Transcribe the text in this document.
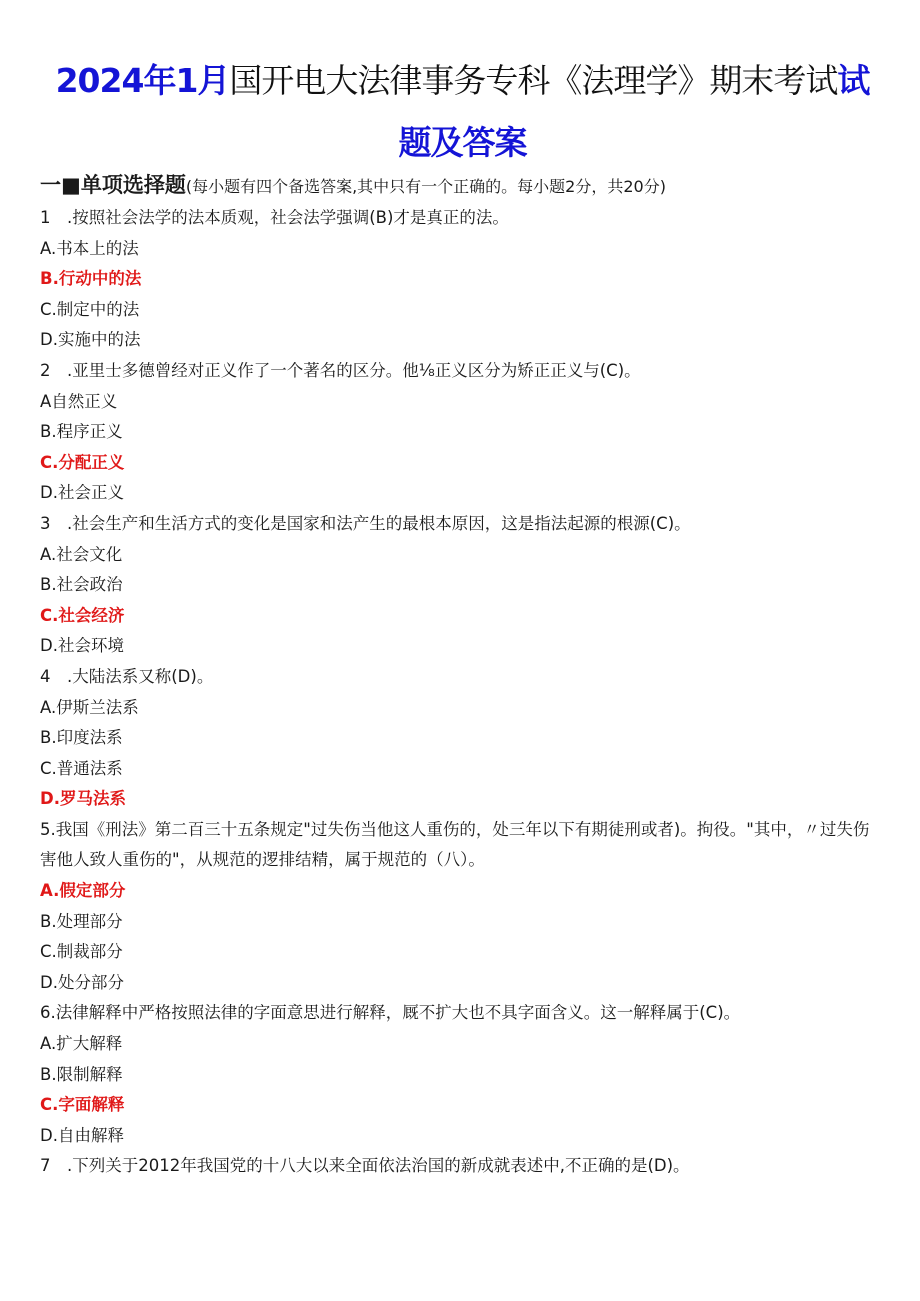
2024年1月国开电大法律事务专科《法理学》期末考试试
题及答案
一■单项选择题(每小题有四个备选答案,其中只有一个正确的。每小题2分，共20分)
1　.按照社会法学的法本质观，社会法学强调(B)才是真正的法。
A.书本上的法
B.行动中的法
C.制定中的法
D.实施中的法
2　.亚里士多德曾经对正义作了一个著名的区分。他⅛正义区分为矫正正义与(C)。
A自然正义
B.程序正义
C.分配正义
D.社会正义
3　.社会生产和生活方式的变化是国家和法产生的最根本原因，这是指法起源的根源(C)。
A.社会文化
B.社会政治
C.社会经济
D.社会环境
4　.大陆法系又称(D)。
A.伊斯兰法系
B.印度法系
C.普通法系
D.罗马法系
5.我国《刑法》第二百三十五条规定"过失伤当他这人重伤的，处三年以下有期徒刑或者)。拘役。"其中，〃过失伤害他人致人重伤的"，从规范的逻排结精，属于规范的（八）。
A.假定部分
B.处理部分
C.制裁部分
D.处分部分
6.法律解释中严格按照法律的字面意思进行解释，厩不扩大也不具字面含义。这一解释属于(C)。
A.扩大解释
B.限制解释
C.字面解释
D.自由解释
7　.下列关于2012年我国党的十八大以来全面依法治国的新成就表述中,不正确的是(D)。
